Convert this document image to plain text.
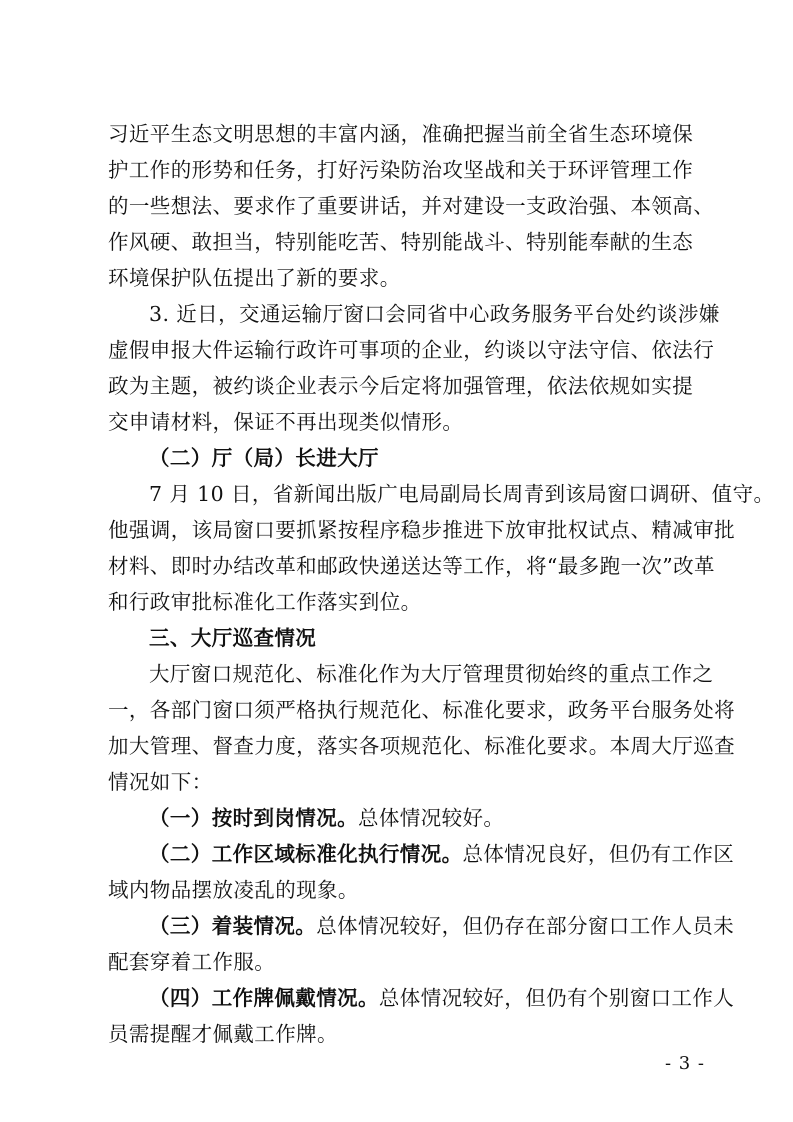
习近平生态文明思想的丰富内涵，准确把握当前全省生态环境保
护工作的形势和任务，打好污染防治攻坚战和关于环评管理工作
的一些想法、要求作了重要讲话，并对建设一支政治强、本领高、
作风硬、敢担当，特别能吃苦、特别能战斗、特别能奉献的生态
环境保护队伍提出了新的要求。
3. 近日，交通运输厅窗口会同省中心政务服务平台处约谈涉嫌
虚假申报大件运输行政许可事项的企业，约谈以守法守信、依法行
政为主题，被约谈企业表示今后定将加强管理，依法依规如实提
交申请材料，保证不再出现类似情形。
（二）厅（局）长进大厅
7 月 10 日，省新闻出版广电局副局长周青到该局窗口调研、值守。
他强调，该局窗口要抓紧按程序稳步推进下放审批权试点、精减审批
材料、即时办结改革和邮政快递送达等工作，将“最多跑一次”改革
和行政审批标准化工作落实到位。
三、大厅巡查情况
大厅窗口规范化、标准化作为大厅管理贯彻始终的重点工作之
一，各部门窗口须严格执行规范化、标准化要求，政务平台服务处将
加大管理、督查力度，落实各项规范化、标准化要求。本周大厅巡查
情况如下：
（一）按时到岗情况。总体情况较好。
（二）工作区域标准化执行情况。总体情况良好，但仍有工作区
域内物品摆放凌乱的现象。
（三）着装情况。总体情况较好，但仍存在部分窗口工作人员未
配套穿着工作服。
（四）工作牌佩戴情况。总体情况较好，但仍有个别窗口工作人
员需提醒才佩戴工作牌。
- 3 -
